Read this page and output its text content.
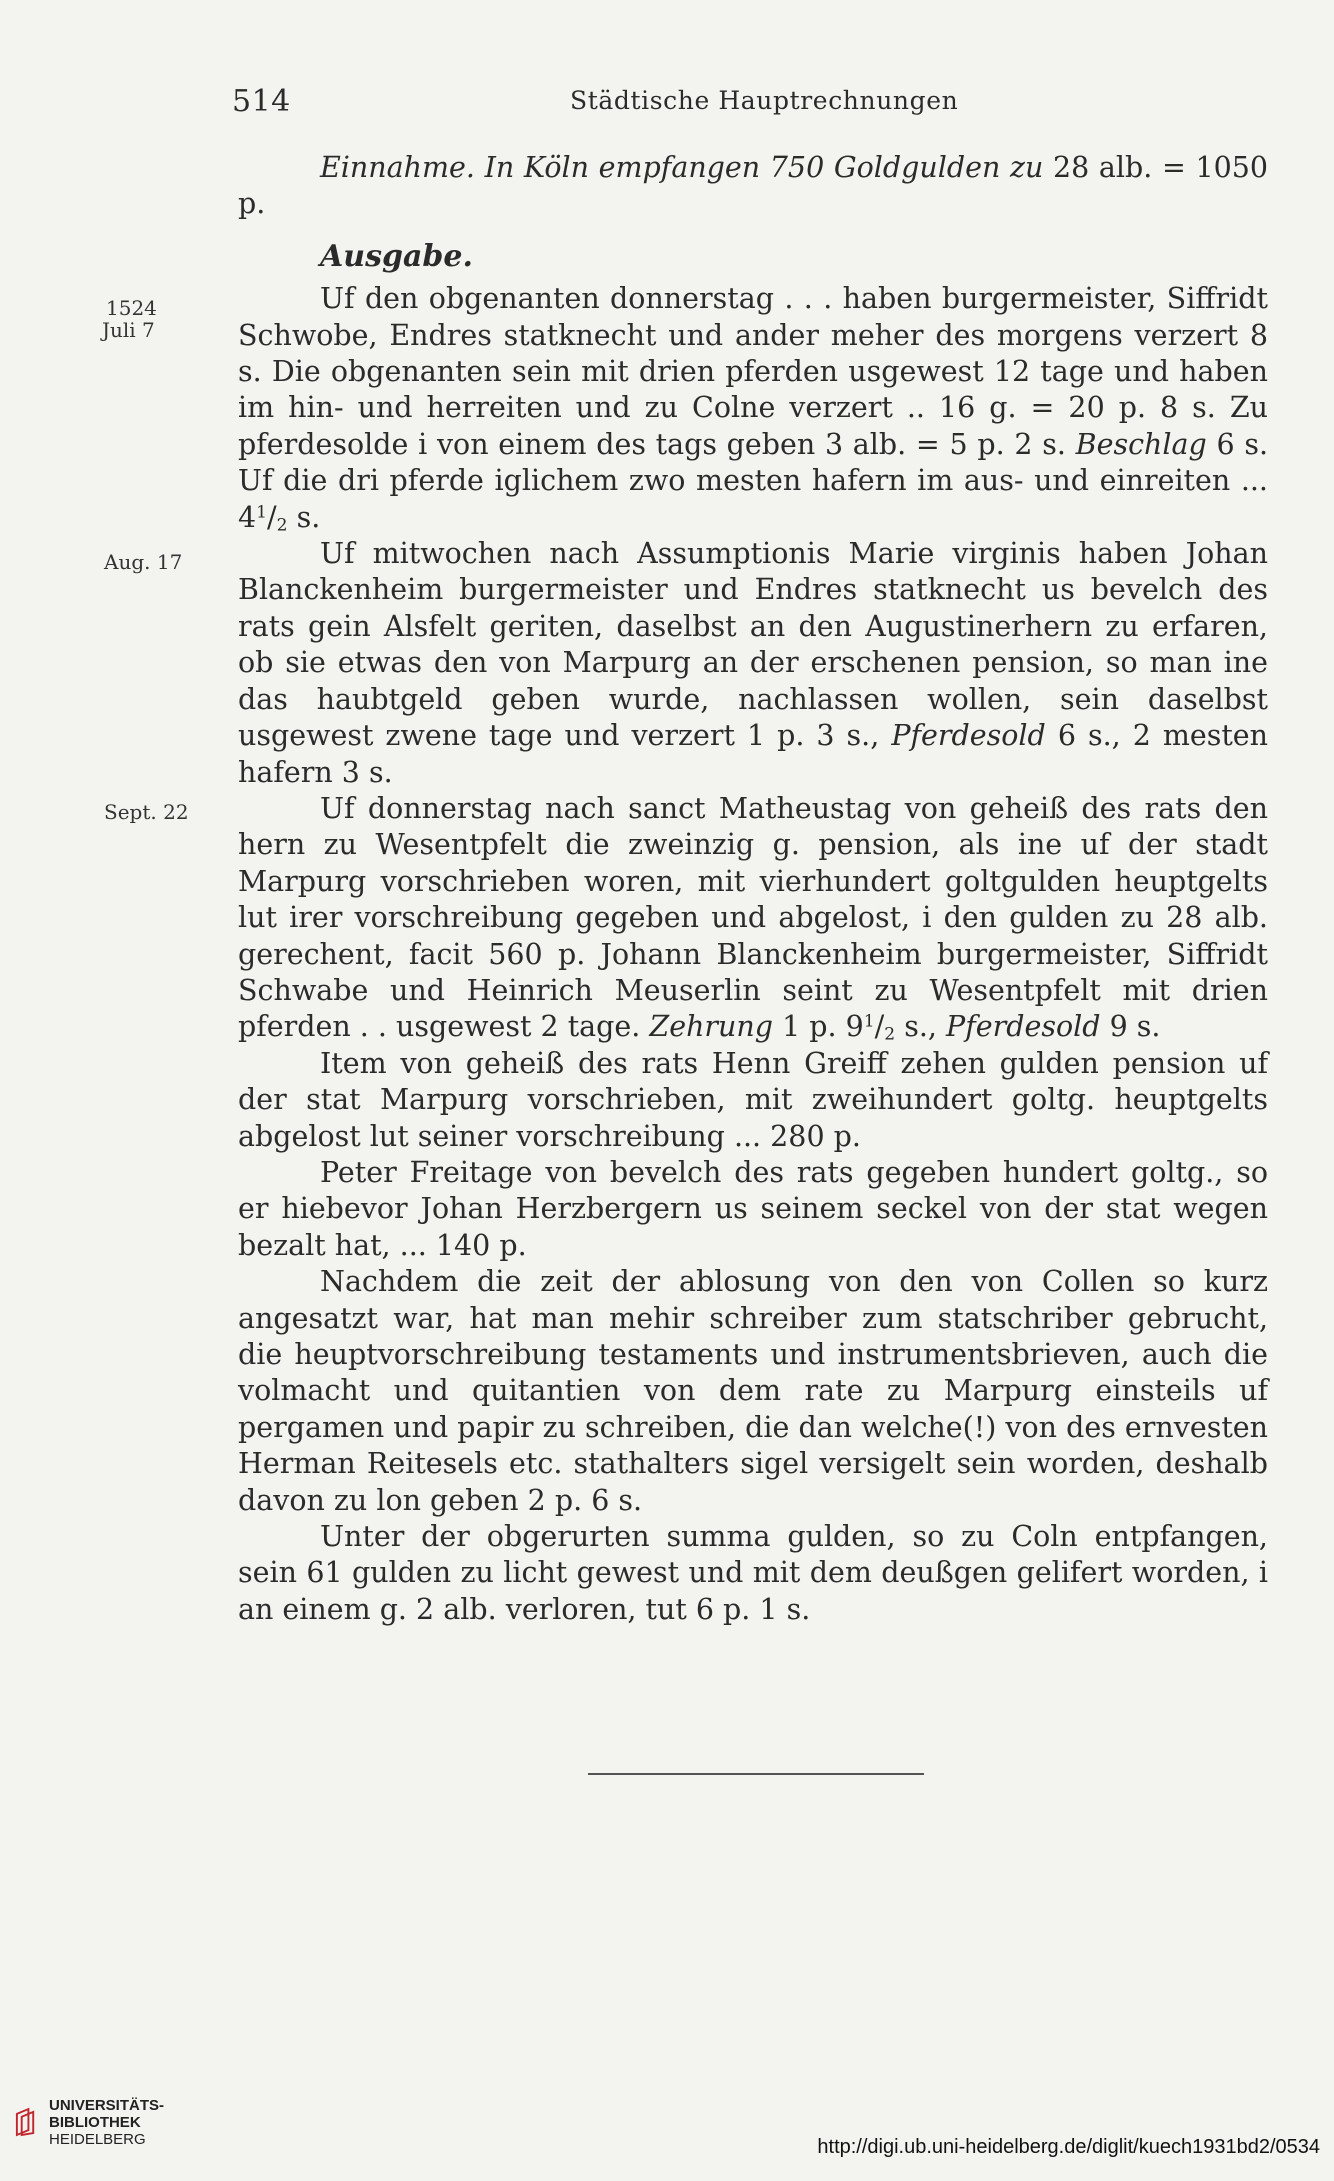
514	Städtische Hauptrechnungen
1524
Juli 7
Aug. 17
Sept. 22

Einnahme. In Köln empfangen 750 Goldgulden zu 28 alb. = 1050 p.

Ausgabe.

Uf den obgenanten donnerstag . . . haben burgermeister, Siffridt Schwobe, Endres statknecht und ander meher des morgens verzert 8 s. Die obgenanten sein mit drien pferden usgewest 12 tage und haben im hin- und herreiten und zu Colne verzert .. 16 g. = 20 p. 8 s. Zu pferdesolde i von einem des tags geben 3 alb. = 5 p. 2 s. Beschlag 6 s. Uf die dri pferde iglichem zwo mesten hafern im aus- und einreiten ... $4^1/2$ s.

Uf mitwochen nach Assumptionis Marie virginis haben Johan Blanckenheim burgermeister und Endres statknecht us bevelch des rats gein Alsfelt geriten, daselbst an den Augustinerhern zu erfaren, ob sie etwas den von Marpurg an der erschenen pension, so man ine das haubtgeld geben wurde, nachlassen wollen, sein daselbst usgewest zwene tage und verzert 1 p. 3 s., Pferdesold 6 s., 2 mesten hafern 3 s.

Uf donnerstag nach sanct Matheustag von geheiß des rats den hern zu Wesentpfelt die zweinzig g. pension, als ine uf der stadt Marpurg vorschrieben woren, mit vierhundert goltgulden heuptgelts lut irer vorschreibung gegeben und abgelost, i den gulden zu 28 alb. gerechent, facit 560 p. Johann Blanckenheim burgermeister, Siffridt Schwabe und Heinrich Meuserlin seint zu Wesentpfelt mit drien pferden . . usgewest 2 tage. Zehrung 1 p. $9^1/2$ s., Pferdesold 9 s.

Item von geheiß des rats Henn Greiff zehen gulden pension uf der stat Marpurg vorschrieben, mit zweihundert goltg. heuptgelts abgelost lut seiner vorschreibung ... 280 p.

Peter Freitage von bevelch des rats gegeben hundert goltg., so er hiebevor Johan Herzbergern us seinem seckel von der stat wegen bezalt hat, ... 140 p.

Nachdem die zeit der ablosung von den von Collen so kurz angesatzt war, hat man mehir schreiber zum statschriber gebrucht, die heuptvorschreibung testaments und instrumentsbrieven, auch die volmacht und quitantien von dem rate zu Marpurg einsteils uf pergamen und papir zu schreiben, die dan welche(!) von des ernvesten Herman Reitesels etc. stathalters sigel versigelt sein worden, deshalb davon zu lon geben 2 p. 6 s.

Unter der obgerurten summa gulden, so zu Coln entpfangen, sein 61 gulden zu licht gewest und mit dem deußgen gelifert worden, i an einem g. 2 alb. verloren, tut 6 p. 1 s.

UNIVERSITÄTS-
BIBLIOTHEK
HEIDELBERG	http://digi.ub.uni-heidelberg.de/diglit/kuech1931bd2/0534
